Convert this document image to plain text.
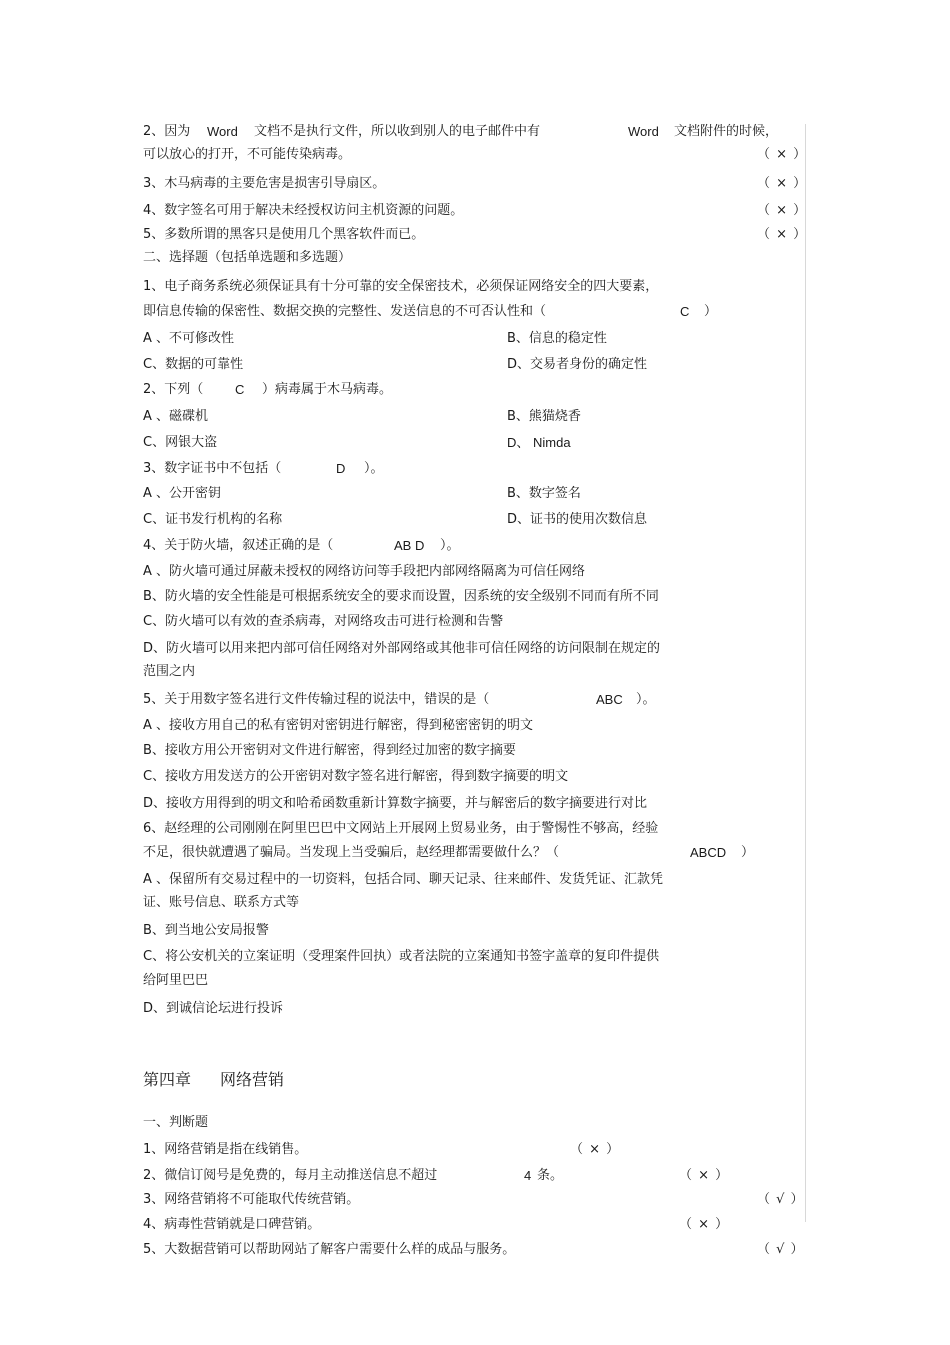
2、因为 Word 文档不是执行文件，所以收到别人的电子邮件中有	Word 文档附件的时候，
可以放心的打开，不可能传染病毒。	（ × ）
3、木马病毒的主要危害是损害引导扇区。	（ × ）
4、数字签名可用于解决未经授权访问主机资源的问题。	（ × ）
5、多数所谓的黑客只是使用几个黑客软件而已。	（ × ）
二、选择题（包括单选题和多选题）
1、电子商务系统必须保证具有十分可靠的安全保密技术，必须保证网络安全的四大要素，
即信息传输的保密性、数据交换的完整性、发送信息的不可否认性和（	C ）
A 、不可修改性	B、信息的稳定性
C、数据的可靠性	D、交易者身份的确定性
2、下列（ C ）病毒属于木马病毒。
A 、磁碟机	B、熊猫烧香
C、网银大盗	D、 Nimda
3、数字证书中不包括（	D ）。
A 、公开密钥	B、数字签名
C、证书发行机构的名称	D、证书的使用次数信息
4、关于防火墙，叙述正确的是（	AB D ）。
A 、防火墙可通过屏蔽未授权的网络访问等手段把内部网络隔离为可信任网络
B、防火墙的安全性能是可根据系统安全的要求而设置，因系统的安全级别不同而有所不同
C、防火墙可以有效的查杀病毒，对网络攻击可进行检测和告警
D、防火墙可以用来把内部可信任网络对外部网络或其他非可信任网络的访问限制在规定的
范围之内
5、关于用数字签名进行文件传输过程的说法中，错误的是（	ABC ）。
A 、接收方用自己的私有密钥对密钥进行解密，得到秘密密钥的明文
B、接收方用公开密钥对文件进行解密，得到经过加密的数字摘要
C、接收方用发送方的公开密钥对数字签名进行解密，得到数字摘要的明文
D、接收方用得到的明文和哈希函数重新计算数字摘要，并与解密后的数字摘要进行对比
6、赵经理的公司刚刚在阿里巴巴中文网站上开展网上贸易业务，由于警惕性不够高，经验
不足，很快就遭遇了骗局。当发现上当受骗后，赵经理都需要做什么？（	ABCD ）
A 、保留所有交易过程中的一切资料，包括合同、聊天记录、往来邮件、发货凭证、汇款凭
证、账号信息、联系方式等
B、到当地公安局报警
C、将公安机关的立案证明（受理案件回执）或者法院的立案通知书签字盖章的复印件提供
给阿里巴巴
D、到诚信论坛进行投诉
第四章 网络营销
一、判断题
1、网络营销是指在线销售。	（ × ）
2、微信订阅号是免费的，每月主动推送信息不超过	4 条。	（ × ）
3、网络营销将不可能取代传统营销。	（ √ ）
4、病毒性营销就是口碑营销。	（ × ）
5、大数据营销可以帮助网站了解客户需要什么样的成品与服务。	（ √ ）
